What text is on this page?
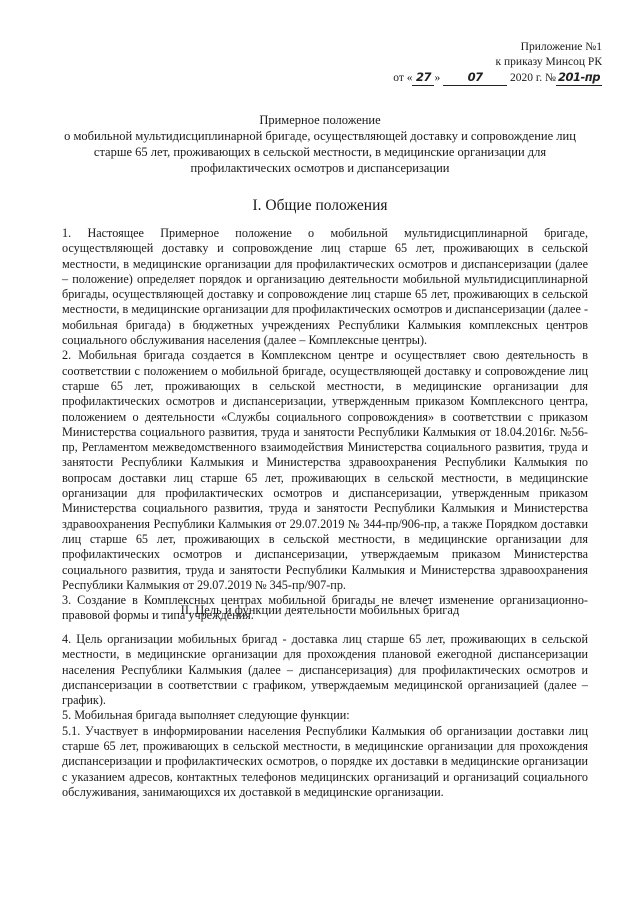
Приложение №1
к приказу Минсоц РК
от « 27 » 07 2020 г. № 201-пр
Примерное положение
о мобильной мультидисциплинарной бригаде, осуществляющей доставку и сопровождение лиц старше 65 лет, проживающих в сельской местности, в медицинские организации для профилактических осмотров и диспансеризации
I. Общие положения

1. Настоящее Примерное положение о мобильной мультидисциплинарной бригаде, осуществляющей доставку и сопровождение лиц старше 65 лет, проживающих в сельской местности, в медицинские организации для профилактических осмотров и диспансеризации (далее – положение) определяет порядок и организацию деятельности мобильной мультидисциплинарной бригады, осуществляющей доставку и сопровождение лиц старше 65 лет, проживающих в сельской местности, в медицинские организации для профилактических осмотров и диспансеризации (далее - мобильная бригада) в бюджетных учреждениях Республики Калмыкия комплексных центров социального обслуживания населения (далее – Комплексные центры).

2. Мобильная бригада создается в Комплексном центре и осуществляет свою деятельность в соответствии с положением о мобильной бригаде, осуществляющей доставку и сопровождение лиц старше 65 лет, проживающих в сельской местности, в медицинские организации для профилактических осмотров и диспансеризации, утвержденным приказом Комплексного центра, положением о деятельности «Службы социального сопровождения» в соответствии с приказом Министерства социального развития, труда и занятости Республики Калмыкия от 18.04.2016г. №56-пр, Регламентом межведомственного взаимодействия Министерства социального развития, труда и занятости Республики Калмыкия и Министерства здравоохранения Республики Калмыкия по вопросам доставки лиц старше 65 лет, проживающих в сельской местности, в медицинские организации для профилактических осмотров и диспансеризации, утвержденным приказом Министерства социального развития, труда и занятости Республики Калмыкия и Министерства здравоохранения Республики Калмыкия от 29.07.2019 № 344-пр/906-пр, а также Порядком доставки лиц старше 65 лет, проживающих в сельской местности, в медицинские организации для профилактических осмотров и диспансеризации, утверждаемым приказом Министерства социального развития, труда и занятости Республики Калмыкия и Министерства здравоохранения Республики Калмыкия от 29.07.2019 № 345-пр/907-пр.

3. Создание в Комплексных центрах мобильной бригады не влечет изменение организационно-правовой формы и типа учреждения.

II. Цель и функции деятельности мобильных бригад

4. Цель организации мобильных бригад - доставка лиц старше 65 лет, проживающих в сельской местности, в медицинские организации для прохождения плановой ежегодной диспансеризации населения Республики Калмыкия (далее – диспансеризация) для профилактических осмотров и диспансеризации в соответствии с графиком, утверждаемым медицинской организацией (далее – график).

5. Мобильная бригада выполняет следующие функции:

5.1. Участвует в информировании населения Республики Калмыкия об организации доставки лиц старше 65 лет, проживающих в сельской местности, в медицинские организации для прохождения диспансеризации и профилактических осмотров, о порядке их доставки в медицинские организации с указанием адресов, контактных телефонов медицинских организаций и организаций социального обслуживания, занимающихся их доставкой в медицинские организации.
